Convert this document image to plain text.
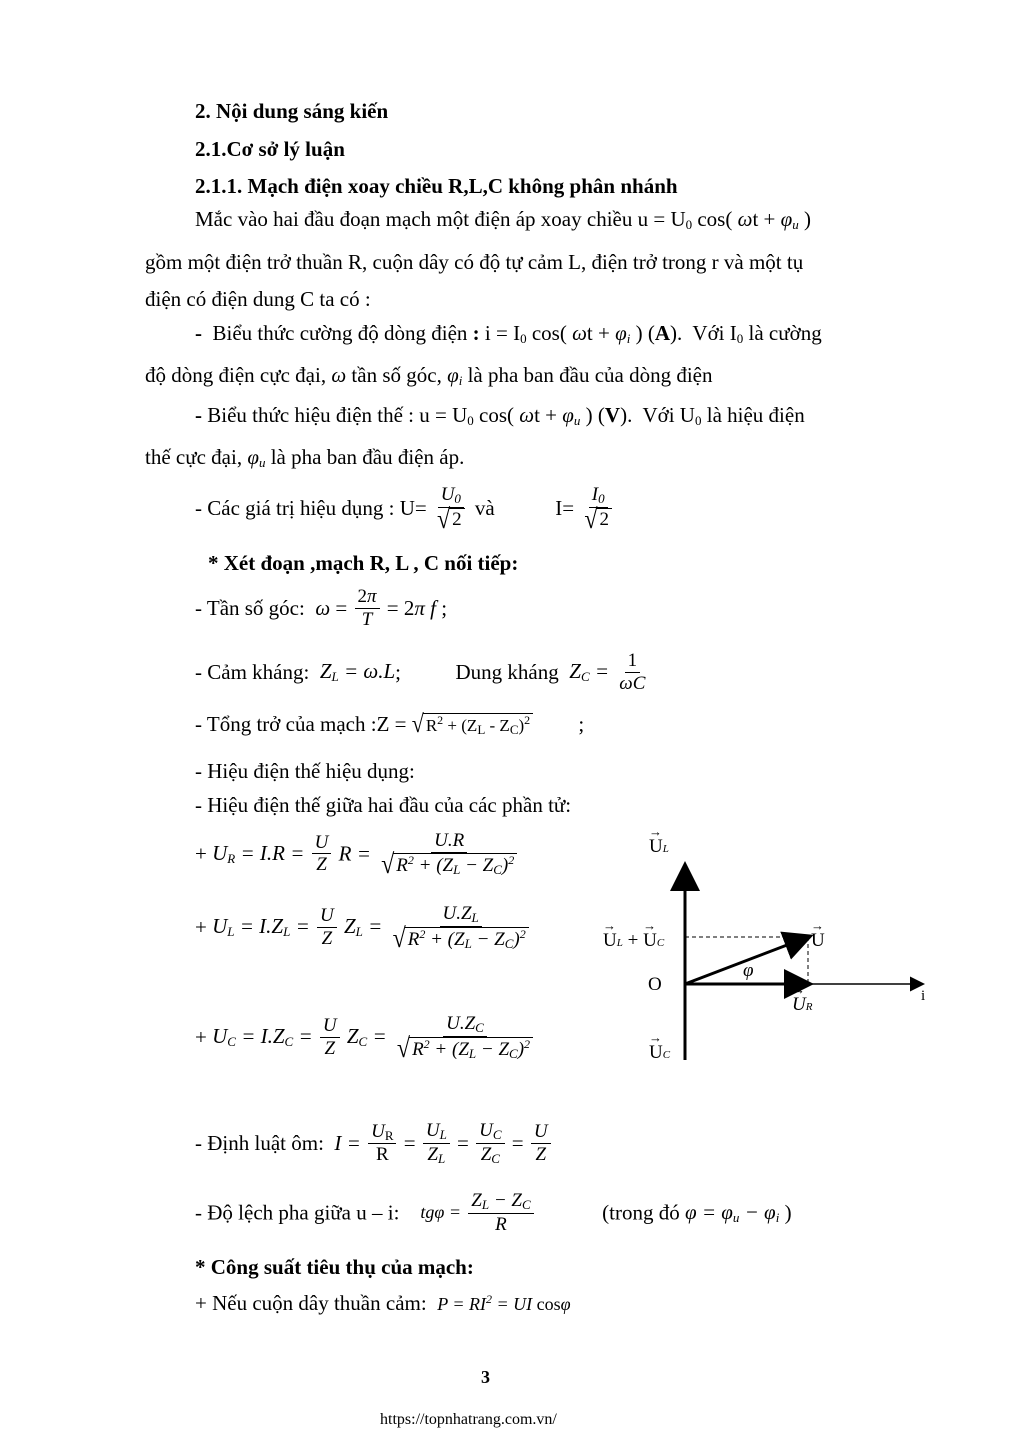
2. Nội dung sáng kiến
2.1.Cơ sở lý luận
2.1.1. Mạch điện xoay chiều R,L,C không phân nhánh
Mắc vào hai đầu đoạn mạch một điện áp xoay chiều $u = U_0$ cos( $\omega t + \varphi_u$ )
gồm một điện trở thuần R, cuộn dây có độ tự cảm L, điện trở trong r và một tụ
điện có điện dung C ta có :
- Biểu thức cường độ dòng điện : $i = I_0$ cos( $\omega t + \varphi_i$ ) (A).  Với $I_0$ là cường
độ dòng điện cực đại, ω tần số góc, $\varphi_i$ là pha ban đầu của dòng điện
- Biểu thức hiệu điện thế : $u = U_0$ cos( $\omega t + \varphi_u$ ) (V).  Với $U_0$ là hiệu điện
thế cực đại, $\varphi_u$ là pha ban đầu điện áp.
- Các giá trị hiệu dụng : $U= \frac{U_0}{√ 2}$ và	$I= \frac{I_0}{√ 2}$
* Xét đoạn ,mạch R, L , C nối tiếp:
- Tần số góc: $\omega = \frac{2\pi}{T} = 2\pi$ f ;
- Cảm kháng: $Z_L = \omega.L$;	Dung kháng $Z_C = \frac{1}{\omega C}$
- Tổng trở của mạch :Z = √ $R^2 + (Z_L - Z_C)^2$ ;
- Hiệu điện thế hiệu dụng:
- Hiệu điện thế giữa hai đầu của các phần tử:
+ $U_R = I.R = \frac{U}{Z}$ $R = \frac{U.R}{√ R^2 + (Z_L - Z_C)^2}$
+ $U_L = I.Z_L = \frac{U}{Z} Z_L = \frac{U.Z_L}{√ R^2 + (Z_L - Z_C)^2}$
+ $U_C = I.Z_C = \frac{U}{Z} Z_C = \frac{U.Z_C}{√ R^2 + (Z_L - Z_C)^2}$
→ UL
→ UL + → UC	→ U
φ
O
→ UR
i
→ UC
- Định luật ôm: $I = \frac{U_R}{R} = \frac{U_L}{Z_L} = \frac{U_C}{Z_C} = \frac{U}{Z}$
- Độ lệch pha giữa u – i: $tg\varphi = \frac{Z_L - Z_C}{R}$	(trong đó $\varphi = \varphi_u - \varphi_i$ )
* Công suất tiêu thụ của mạch:
+ Nếu cuộn dây thuần cảm: $P = RI^2$ = UI cosφ
3
https://topnhatrang.com.vn/
